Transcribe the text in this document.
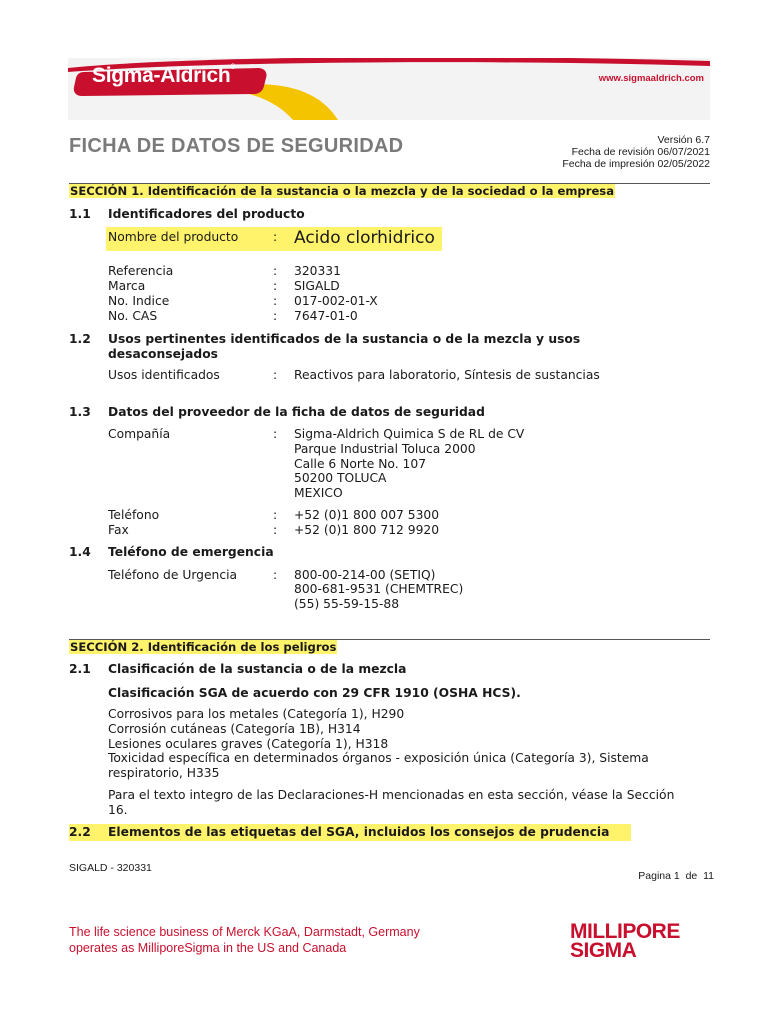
Sigma-Aldrich®
www.sigmaaldrich.com
FICHA DE DATOS DE SEGURIDAD	Versión 6.7
Fecha de revisión 06/07/2021
Fecha de impresión 02/05/2022
SECCIÓN 1. Identificación de la sustancia o la mezcla y de la sociedad o la empresa
1.1 Identificadores del producto
Nombre del producto	: Acido clorhidrico
Referencia	: 320331
Marca	: SIGALD
No. Indice	: 017-002-01-X
No. CAS	: 7647-01-0
1.2 Usos pertinentes identificados de la sustancia o de la mezcla y usos
desaconsejados
Usos identificados	: Reactivos para laboratorio, Síntesis de sustancias
1.3 Datos del proveedor de la ficha de datos de seguridad
Compañía	: Sigma-Aldrich Quimica S de RL de CV
Parque Industrial Toluca 2000
Calle 6 Norte No. 107
50200 TOLUCA
MEXICO
Teléfono	: +52 (0)1 800 007 5300
Fax	: +52 (0)1 800 712 9920
1.4 Teléfono de emergencia
Teléfono de Urgencia	: 800-00-214-00 (SETIQ)
800-681-9531 (CHEMTREC)
(55) 55-59-15-88
SECCIÓN 2. Identificación de los peligros
2.1 Clasificación de la sustancia o de la mezcla
Clasificación SGA de acuerdo con 29 CFR 1910 (OSHA HCS).
Corrosivos para los metales (Categoría 1), H290
Corrosión cutáneas (Categoría 1B), H314
Lesiones oculares graves (Categoría 1), H318
Toxicidad específica en determinados órganos - exposición única (Categoría 3), Sistema
respiratorio, H335
Para el texto integro de las Declaraciones-H mencionadas en esta sección, véase la Sección
16.
2.2 Elementos de las etiquetas del SGA, incluidos los consejos de prudencia
SIGALD - 320331
Pagina 1  de  11
The life science business of Merck KGaA, Darmstadt, Germany
operates as MilliporeSigma in the US and Canada
MILLIPORE
SIGMA
